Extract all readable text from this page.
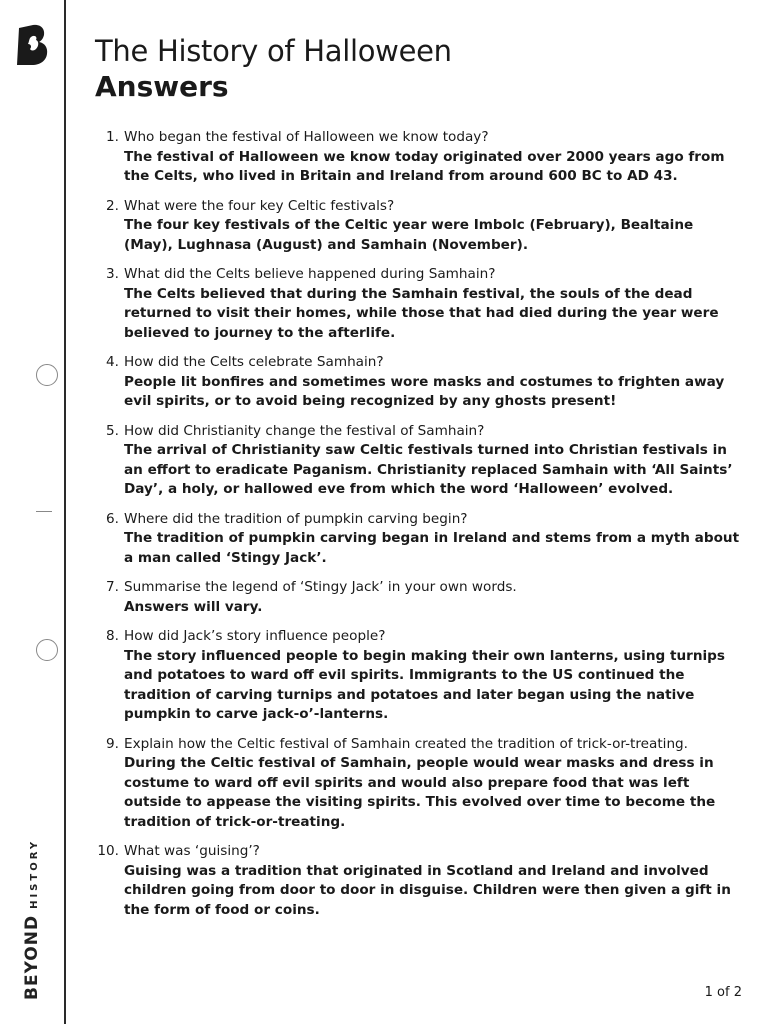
BEYONDHISTORY
The History of Halloween
Answers
1. Who began the festival of Halloween we know today?
The festival of Halloween we know today originated over 2000 years ago from the Celts, who lived in Britain and Ireland from around 600 BC to AD 43.
2. What were the four key Celtic festivals?
The four key festivals of the Celtic year were Imbolc (February), Bealtaine (May), Lughnasa (August) and Samhain (November).
3. What did the Celts believe happened during Samhain?
The Celts believed that during the Samhain festival, the souls of the dead returned to visit their homes, while those that had died during the year were believed to journey to the afterlife.
4. How did the Celts celebrate Samhain?
People lit bonfires and sometimes wore masks and costumes to frighten away evil spirits, or to avoid being recognized by any ghosts present!
5. How did Christianity change the festival of Samhain?
The arrival of Christianity saw Celtic festivals turned into Christian festivals in an effort to eradicate Paganism. Christianity replaced Samhain with ‘All Saints’ Day’, a holy, or hallowed eve from which the word ‘Halloween’ evolved.
6. Where did the tradition of pumpkin carving begin?
The tradition of pumpkin carving began in Ireland and stems from a myth about a man called ‘Stingy Jack’.
7. Summarise the legend of ‘Stingy Jack’ in your own words.
Answers will vary.
8. How did Jack’s story influence people?
The story influenced people to begin making their own lanterns, using turnips and potatoes to ward off evil spirits. Immigrants to the US continued the tradition of carving turnips and potatoes and later began using the native pumpkin to carve jack-o’-lanterns.
9. Explain how the Celtic festival of Samhain created the tradition of trick-or-treating.
During the Celtic festival of Samhain, people would wear masks and dress in costume to ward off evil spirits and would also prepare food that was left outside to appease the visiting spirits. This evolved over time to become the tradition of trick-or-treating.
10. What was ‘guising’?
Guising was a tradition that originated in Scotland and Ireland and involved children going from door to door in disguise. Children were then given a gift in the form of food or coins.
1 of 2
